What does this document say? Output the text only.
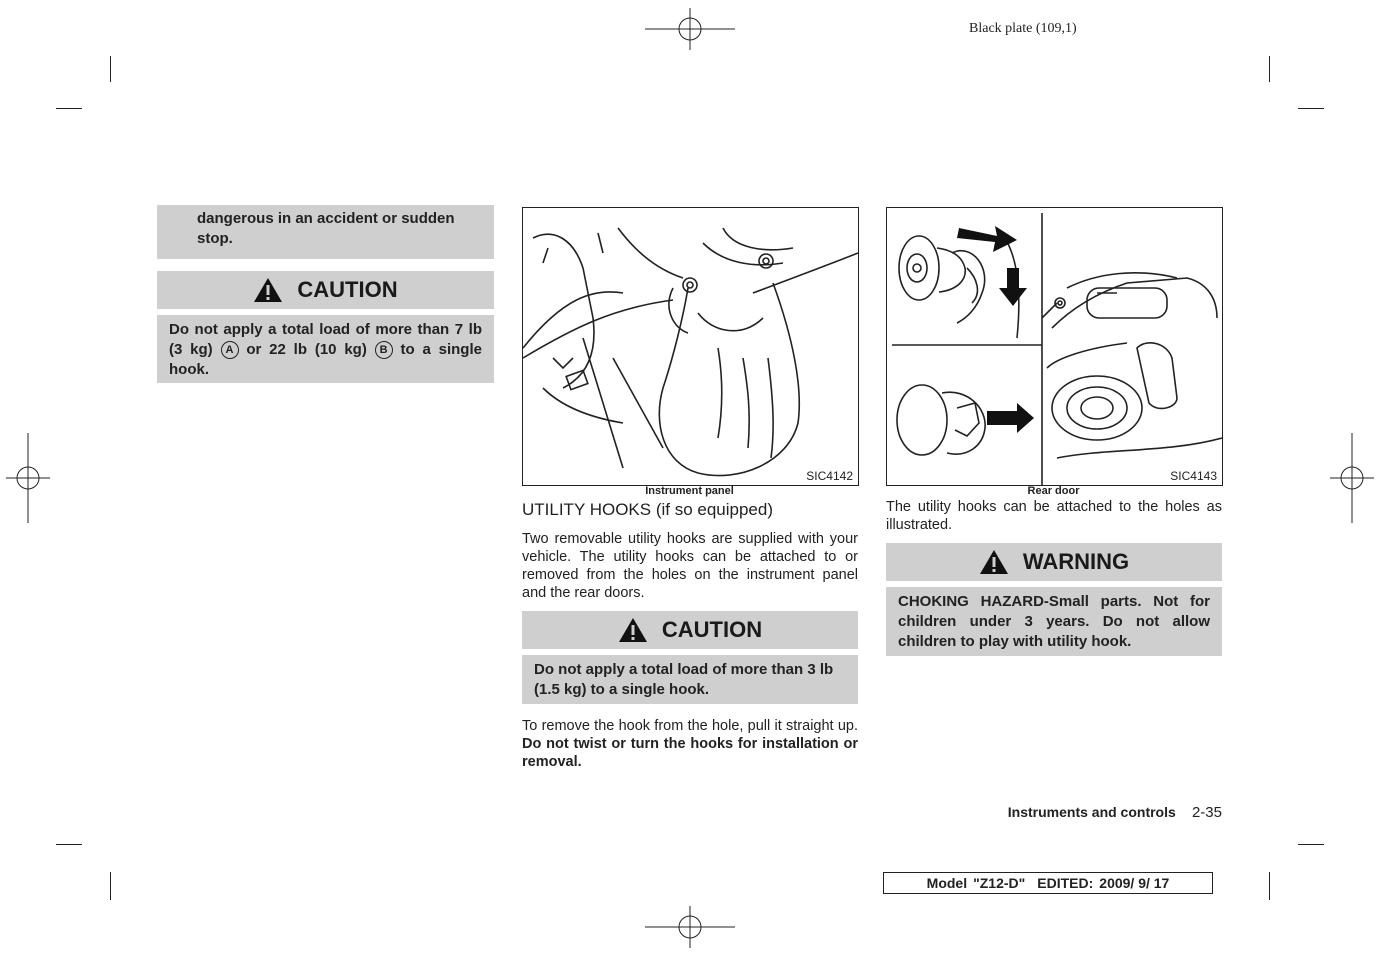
Black plate (109,1)
dangerous in an accident or sudden stop.
CAUTION
Do not apply a total load of more than 7 lb (3 kg) A or 22 lb (10 kg) B to a single hook.
SIC4142
Instrument panel
UTILITY HOOKS (if so equipped)
Two removable utility hooks are supplied with your vehicle. The utility hooks can be attached to or removed from the holes on the instrument panel and the rear doors.
CAUTION
Do not apply a total load of more than 3 lb (1.5 kg) to a single hook.
To remove the hook from the hole, pull it straight up. Do not twist or turn the hooks for installation or removal.
SIC4143
Rear door
The utility hooks can be attached to the holes as illustrated.
WARNING
CHOKING HAZARD-Small parts. Not for children under 3 years. Do not allow children to play with utility hook.
Instruments and controls 2-35
Model "Z12-D" EDITED: 2009/ 9/ 17
